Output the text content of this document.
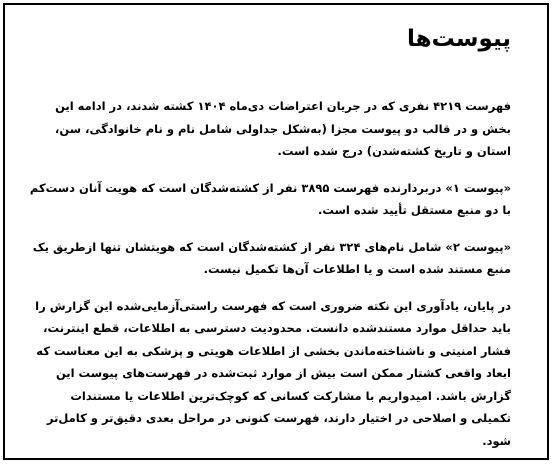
پیوست‌ها

فهرست ۴۲۱۹ نفری که در جریان اعتراضات دی‌ماه ۱۴۰۴ کشته شدند، در ادامه این بخش و در قالب دو پیوست مجزا (به‌شکل جداولی شامل نام و نام خانوادگی، سن، استان و تاریخ کشته‌شدن) درج شده است.

«پیوست ۱» دربردارنده فهرست ۳۸۹۵ نفر از کشته‌شدگان است که هویت آنان دست‌کم با دو منبع مستقل تأیید شده است.

«پیوست ۲» شامل نام‌های ۳۲۴ نفر از کشته‌شدگان است که هویتشان تنها ازطریق یک منبع مستند شده است و یا اطلاعات آن‌ها تکمیل نیست.

در پایان، یادآوری این نکته ضروری است که فهرست راستی‌آزمایی‌شده این گزارش را باید حداقل موارد مستندشده دانست. محدودیت دسترسی به اطلاعات، قطع اینترنت، فشار امنیتی و ناشناخته‌ماندن بخشی از اطلاعات هویتی و پزشکی به این معناست که ابعاد واقعی کشتار ممکن است بیش از موارد ثبت‌شده در فهرست‌های پیوست این گزارش باشد. امیدواریم با مشارکت کسانی که کوچک‌ترین اطلاعات یا مستندات تکمیلی و اصلاحی در اختیار دارند، فهرست کنونی در مراحل بعدی دقیق‌تر و کامل‌تر شود.
